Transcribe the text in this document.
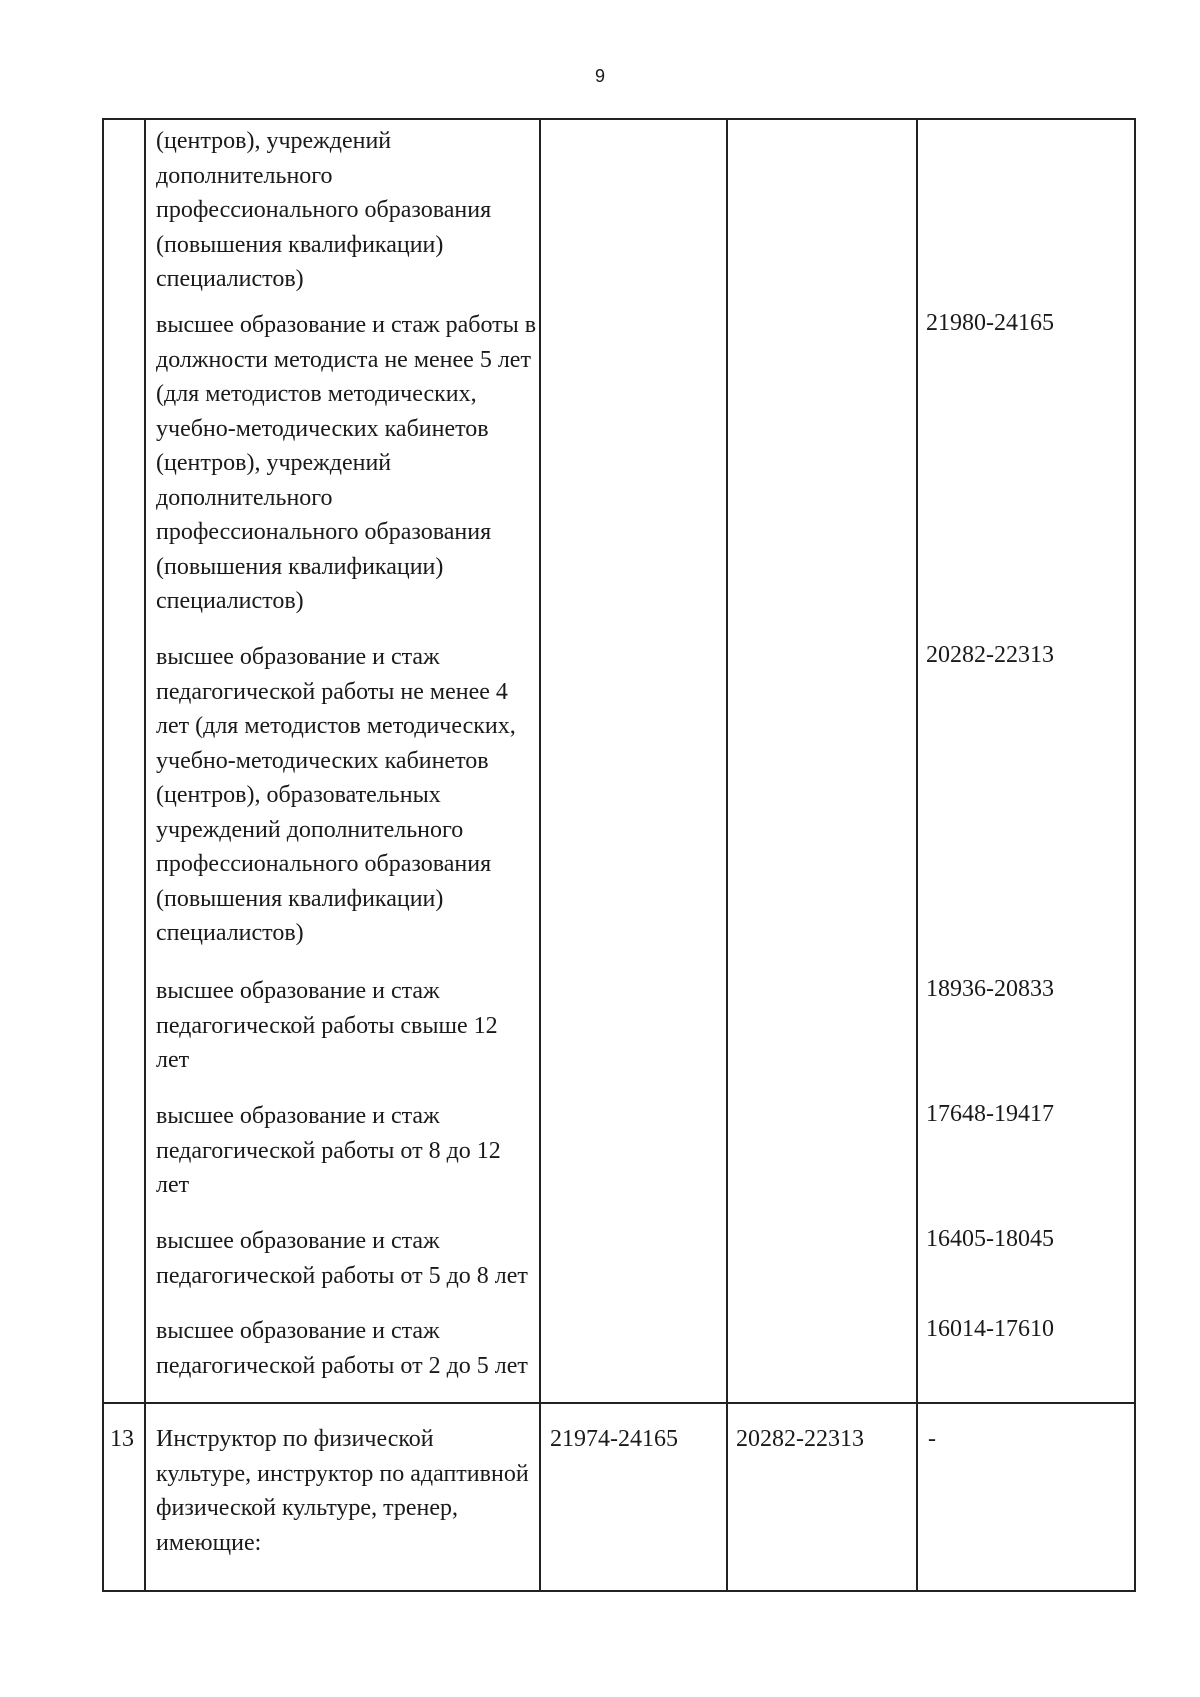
9
(центров), учреждений
дополнительного
профессионального образования
(повышения квалификации)
специалистов)
высшее образование и стаж работы в
должности методиста не менее 5 лет
(для методистов методических,
учебно-методических кабинетов
(центров), учреждений
дополнительного
профессионального образования
(повышения квалификации)
специалистов)
21980-24165
высшее образование и стаж
педагогической работы не менее 4
лет (для методистов методических,
учебно-методических кабинетов
(центров), образовательных
учреждений дополнительного
профессионального образования
(повышения квалификации)
специалистов)
20282-22313
высшее образование и стаж
педагогической работы свыше 12
лет
18936-20833
высшее образование и стаж
педагогической работы от 8 до 12
лет
17648-19417
высшее образование и стаж
педагогической работы от 5 до 8 лет
16405-18045
высшее образование и стаж
педагогической работы от 2 до 5 лет
16014-17610
13 Инструктор по физической
культуре, инструктор по адаптивной
физической культуре, тренер,
имеющие:
21974-24165 20282-22313	-
